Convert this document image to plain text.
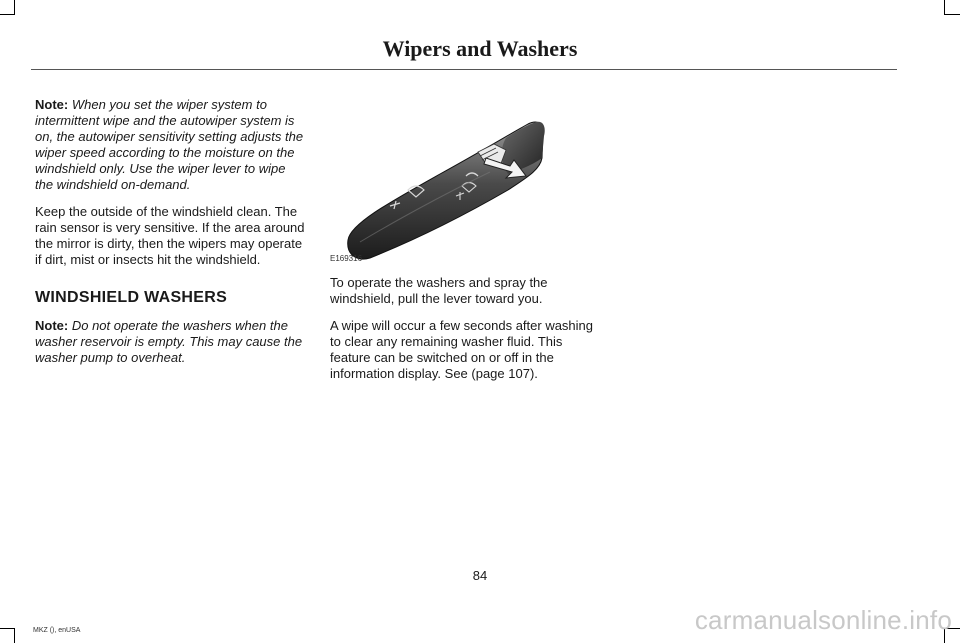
Wipers and Washers

Note: When you set the wiper system to intermittent wipe and the autowiper system is on, the autowiper sensitivity setting adjusts the wiper speed according to the moisture on the windshield only. Use the wiper lever to wipe the windshield on-demand.

Keep the outside of the windshield clean. The rain sensor is very sensitive. If the area around the mirror is dirty, then the wipers may operate if dirt, mist or insects hit the windshield.

WINDSHIELD WASHERS

Note: Do not operate the washers when the washer reservoir is empty. This may cause the washer pump to overheat.

E169316

To operate the washers and spray the windshield, pull the lever toward you.

A wipe will occur a few seconds after washing to clear any remaining washer fluid. This feature can be switched on or off in the information display. See (page 107).

84
MKZ (), enUSA	carmanualsonline.info
